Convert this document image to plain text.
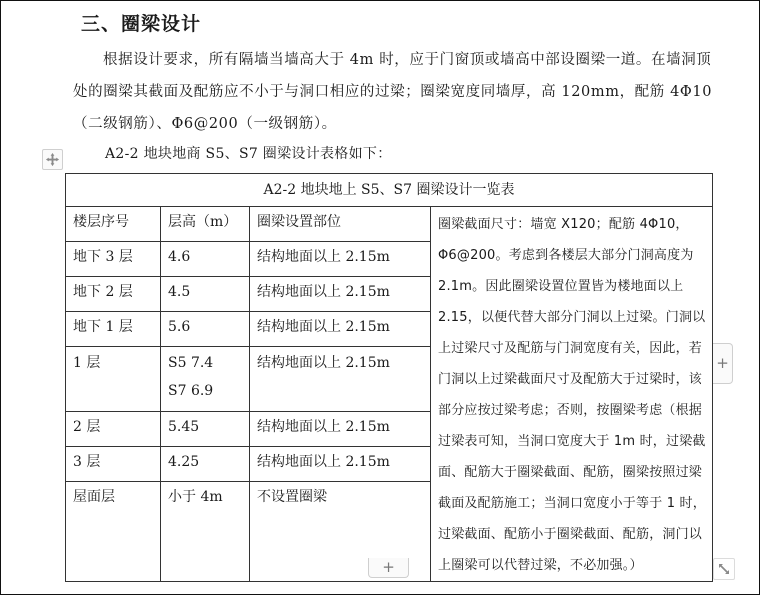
三、圈梁设计
根据设计要求，所有隔墙当墙高大于 4m 时，应于门窗顶或墙高中部设圈梁一道。在墙洞顶处的圈梁其截面及配筋应不小于与洞口相应的过梁；圈梁宽度同墙厚，高 120mm，配筋 4Φ10（二级钢筋）、Φ6@200（一级钢筋）。
A2-2 地块地商 S5、S7 圈梁设计表格如下：
A2-2 地块地上 S5、S7 圈梁设计一览表			
楼层序号	层高（m）	圈梁设置部位	圈梁截面尺寸：墙宽 X120；配筋 4Φ10，Φ6@200。考虑到各楼层大部分门洞高度为 2.1m。因此圈梁设置位置皆为楼地面以上 2.15，以便代替大部分门洞以上过梁。门洞以上过梁尺寸及配筋与门洞宽度有关，因此，若门洞以上过梁截面尺寸及配筋大于过梁时，该部分应按过梁考虑；否则，按圈梁考虑（根据过梁表可知，当洞口宽度大于 1m 时，过梁截面、配筋大于圈梁截面、配筋，圈梁按照过梁截面及配筋施工；当洞口宽度小于等于 1 时，过梁截面、配筋小于圈梁截面、配筋，洞门以上圈梁可以代替过梁，不必加强。）
地下 3 层	4.6	结构地面以上 2.15m	
地下 2 层	4.5	结构地面以上 2.15m	
地下 1 层	5.6	结构地面以上 2.15m	

1 层	S5 7.4
S7 6.9	结构地面以上 2.15m	

2 层	5.45	结构地面以上 2.15m	
3 层	4.25	结构地面以上 2.15m	
屋面层	小于 4m	不设置圈梁	
+
+
